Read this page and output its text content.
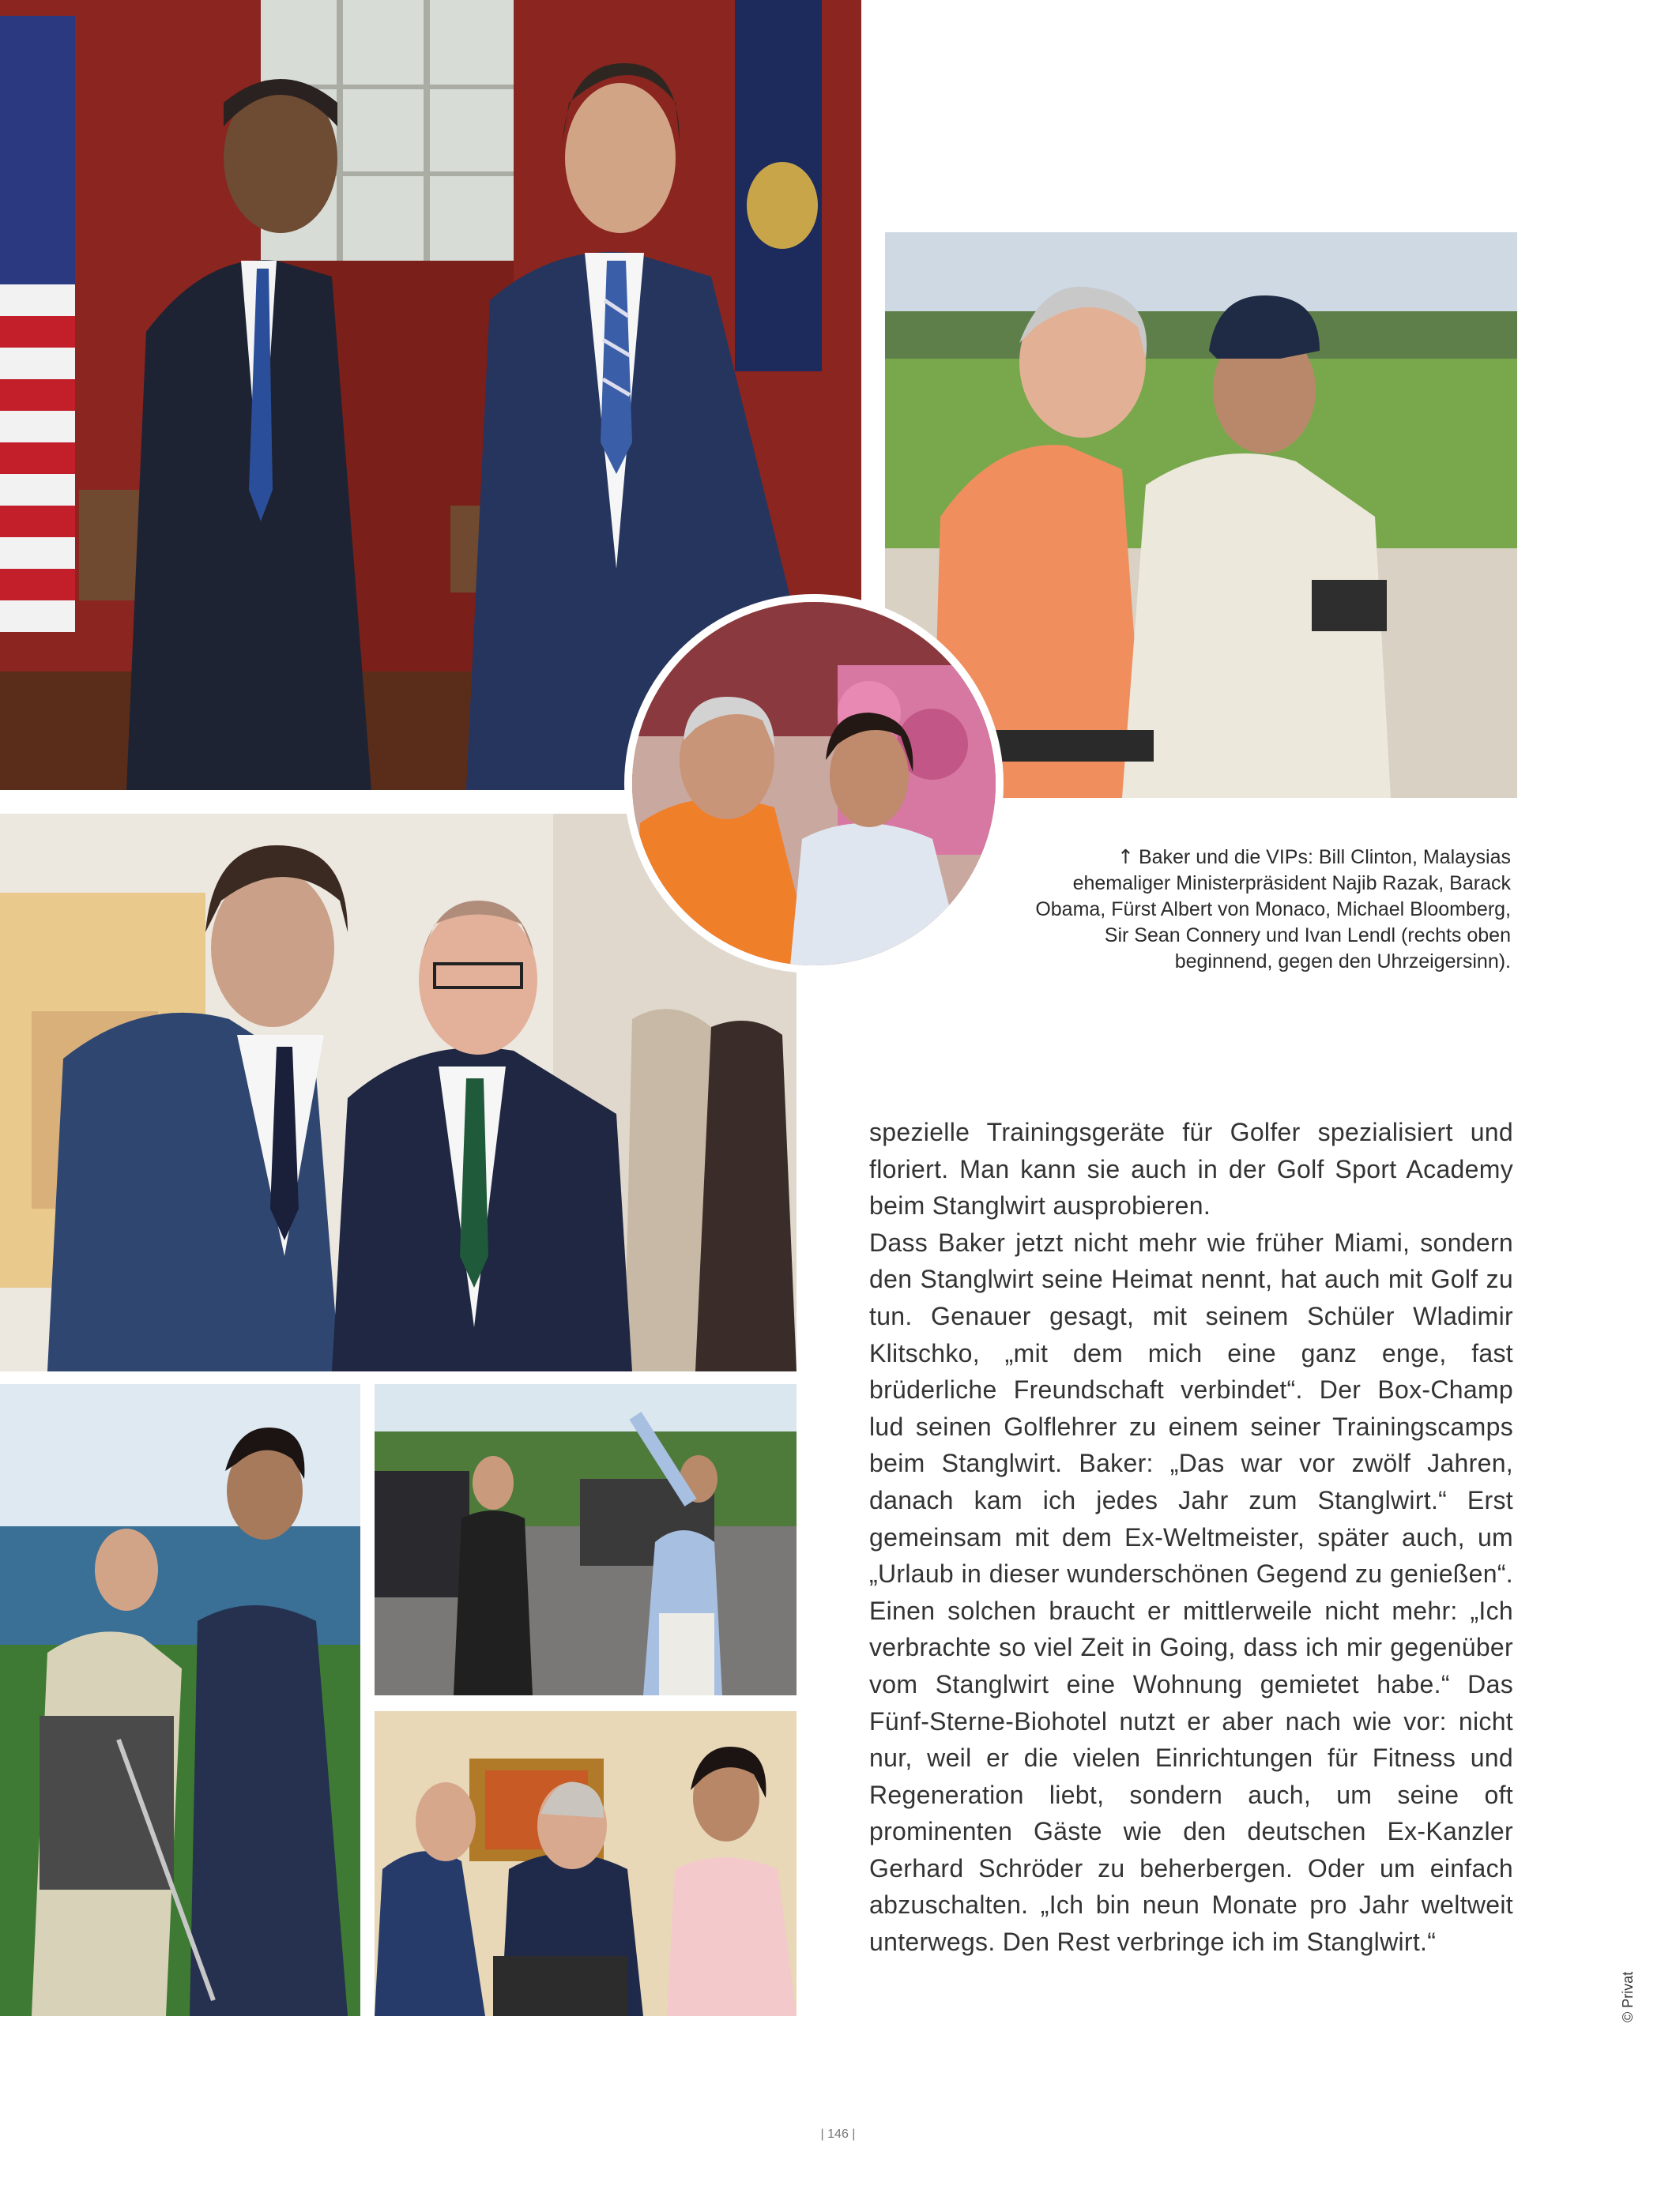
↑ Baker und die VIPs: Bill Clinton, Malaysias ehemaliger Ministerpräsident Najib Razak, Barack Obama, Fürst Albert von Monaco, Michael Bloomberg, Sir Sean Connery und Ivan Lendl (rechts oben beginnend, gegen den Uhrzeigersinn).

spezielle Trainingsgeräte für Golfer spezialisiert und floriert. Man kann sie auch in der Golf Sport Academy beim Stanglwirt ausprobieren.

Dass Baker jetzt nicht mehr wie früher Miami, sondern den Stanglwirt seine Heimat nennt, hat auch mit Golf zu tun. Genauer gesagt, mit seinem Schüler Wladimir Klitschko, „mit dem mich eine ganz enge, fast brüderliche Freundschaft verbindet“. Der Box-Champ lud seinen Golflehrer zu einem seiner Trainingscamps beim Stanglwirt. Baker: „Das war vor zwölf Jahren, danach kam ich jedes Jahr zum Stanglwirt.“ Erst gemeinsam mit dem Ex-Weltmeister, später auch, um „Urlaub in dieser wunderschönen Gegend zu genießen“. Einen solchen braucht er mittlerweile nicht mehr: „Ich verbrachte so viel Zeit in Going, dass ich mir gegenüber vom Stanglwirt eine Wohnung gemietet habe.“ Das Fünf-Sterne-Biohotel nutzt er aber nach wie vor: nicht nur, weil er die vielen Einrichtungen für Fitness und Regeneration liebt, sondern auch, um seine oft prominenten Gäste wie den deutschen Ex-Kanzler Gerhard Schröder zu beherbergen. Oder um einfach abzuschalten. „Ich bin neun Monate pro Jahr weltweit unterwegs. Den Rest verbringe ich im Stanglwirt.“

© Privat
| 146 |
